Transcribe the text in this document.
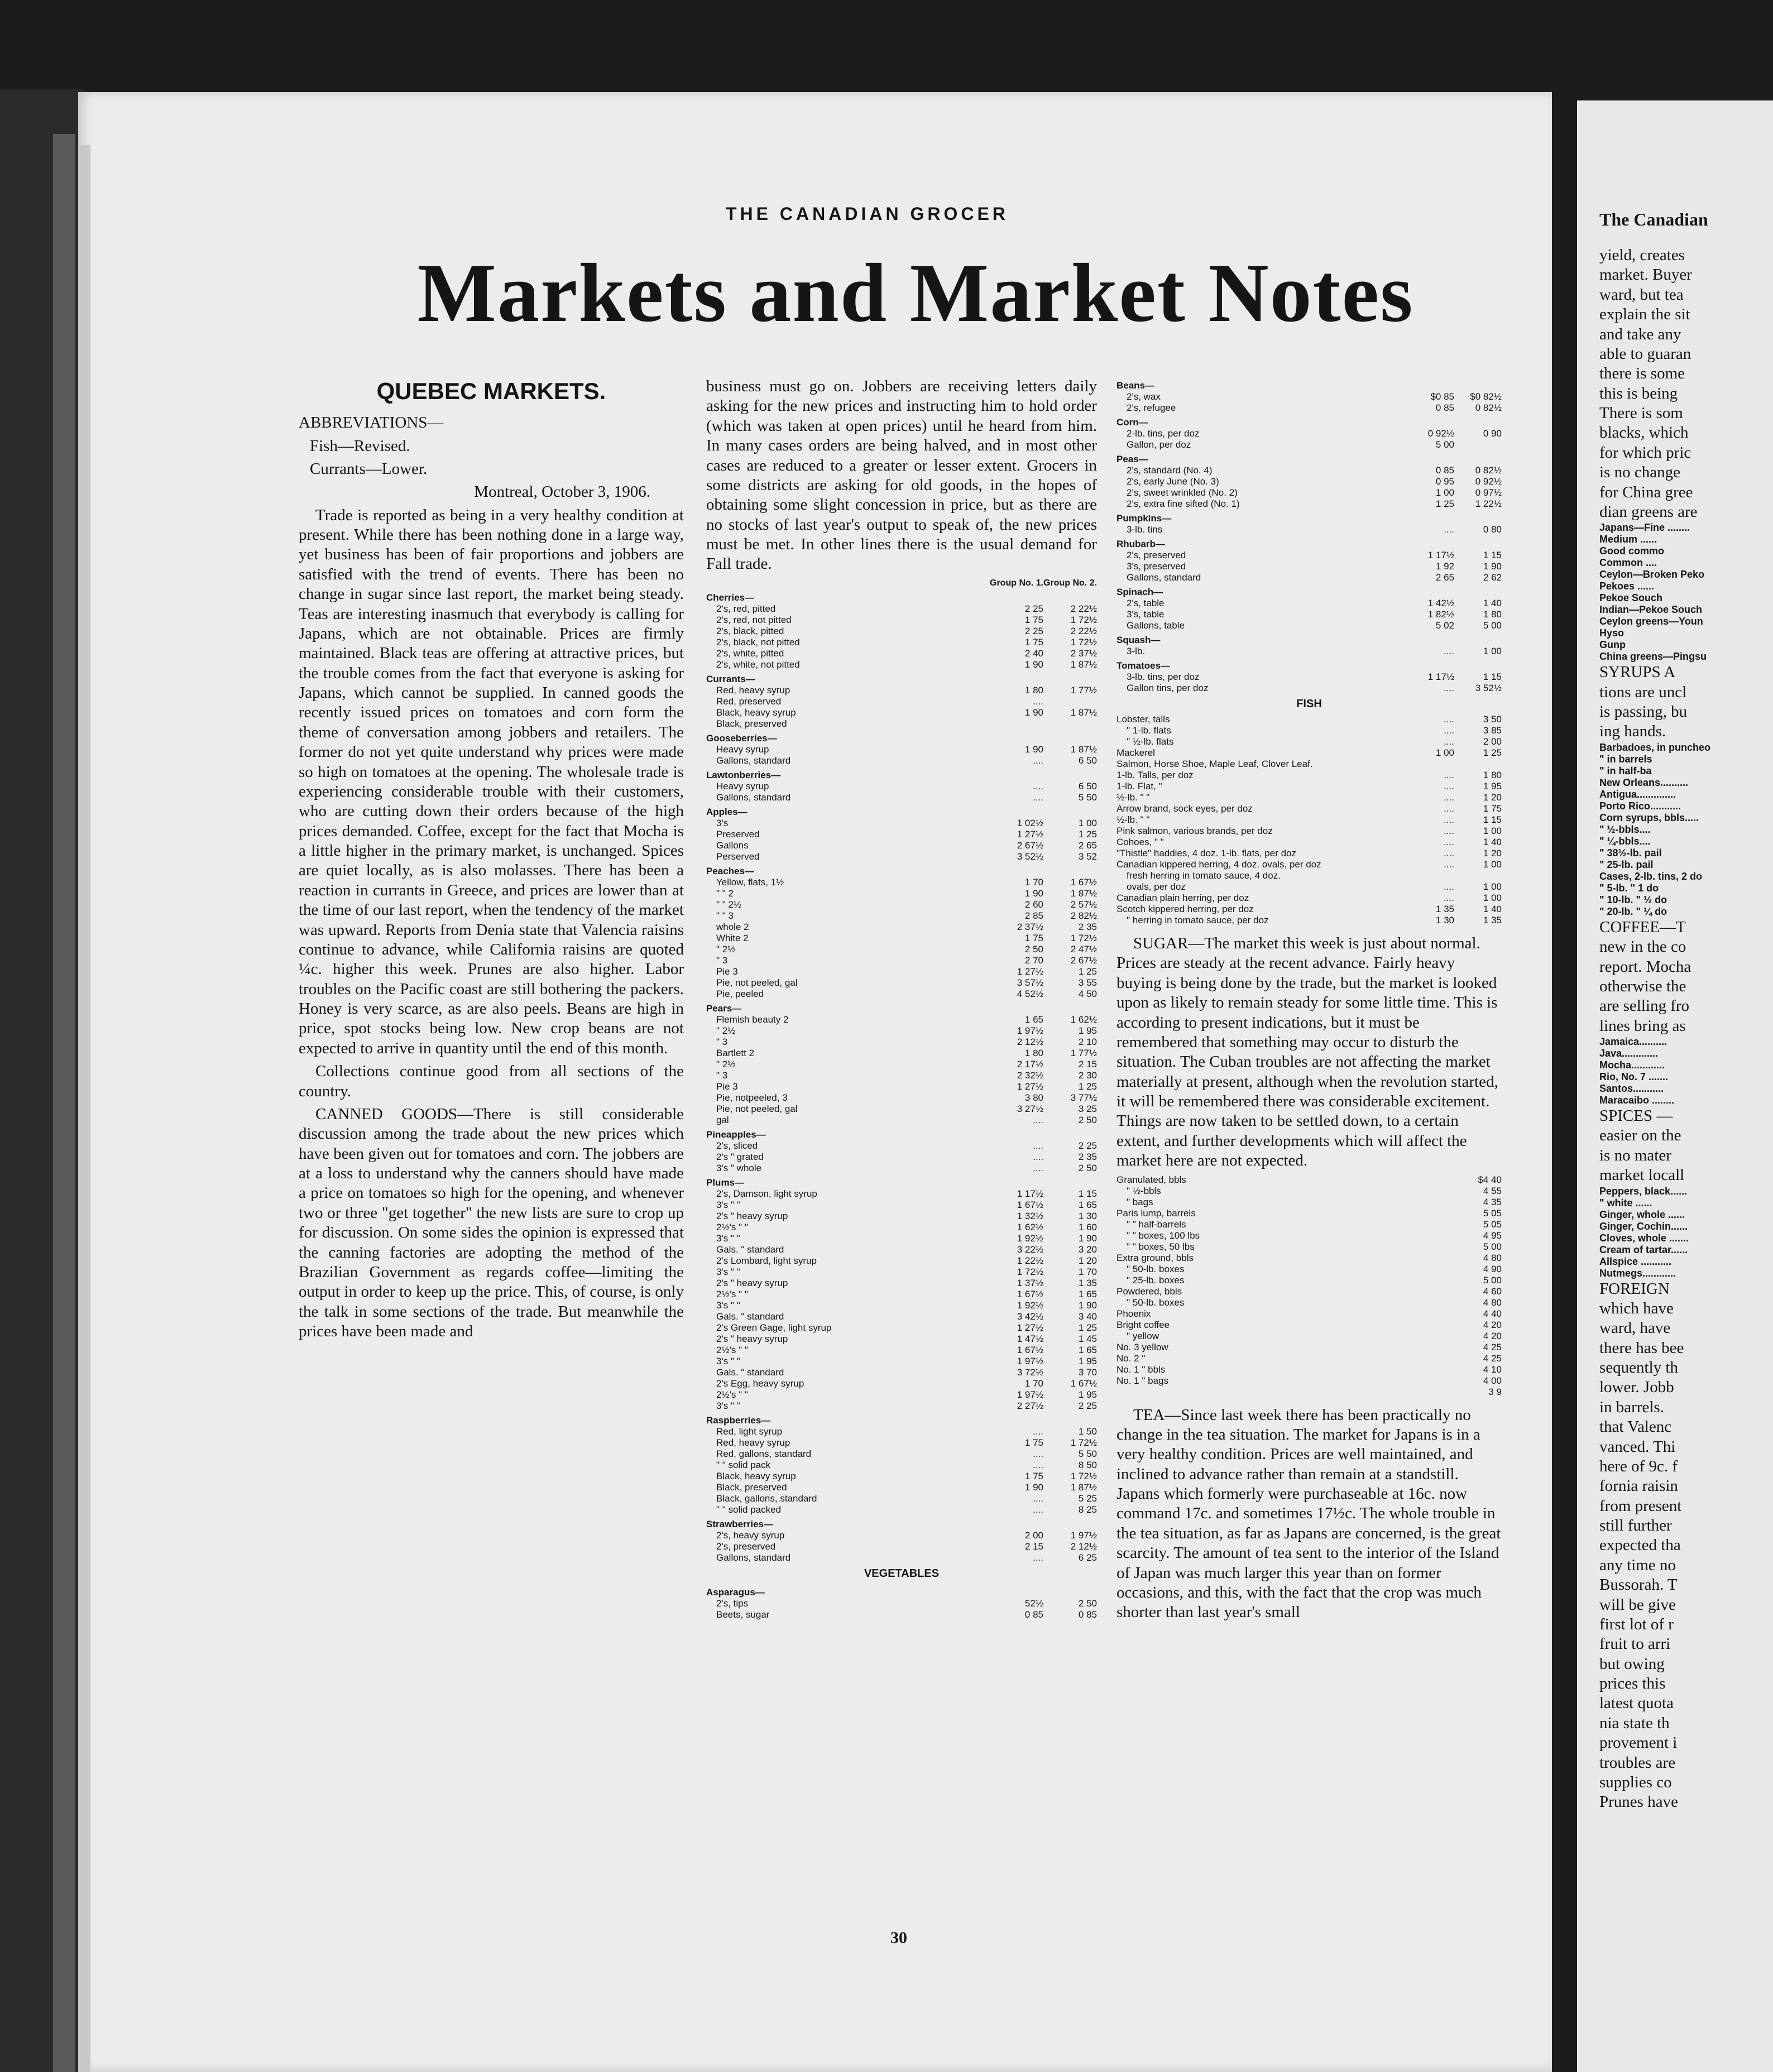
THE CANADIAN GROCER
Markets and Market Notes
QUEBEC MARKETS.

ABBREVIATIONS—

Fish—Revised.

Currants—Lower.

Montreal, October 3, 1906.

Trade is reported as being in a very healthy condition at present. While there has been nothing done in a large way, yet business has been of fair proportions and jobbers are satisfied with the trend of events. There has been no change in sugar since last report, the market being steady. Teas are interesting inasmuch that everybody is calling for Japans, which are not obtainable. Prices are firmly maintained. Black teas are offering at attractive prices, but the trouble comes from the fact that everyone is asking for Japans, which cannot be supplied. In canned goods the recently issued prices on tomatoes and corn form the theme of conversation among jobbers and retailers. The former do not yet quite understand why prices were made so high on tomatoes at the opening. The wholesale trade is experiencing considerable trouble with their customers, who are cutting down their orders because of the high prices demanded. Coffee, except for the fact that Mocha is a little higher in the primary market, is unchanged. Spices are quiet locally, as is also molasses. There has been a reaction in currants in Greece, and prices are lower than at the time of our last report, when the tendency of the market was upward. Reports from Denia state that Valencia raisins continue to advance, while California raisins are quoted ¼c. higher this week. Prunes are also higher. Labor troubles on the Pacific coast are still bothering the packers. Honey is very scarce, as are also peels. Beans are high in price, spot stocks being low. New crop beans are not expected to arrive in quantity until the end of this month.

Collections continue good from all sections of the country.

CANNED GOODS—There is still considerable discussion among the trade about the new prices which have been given out for tomatoes and corn. The jobbers are at a loss to understand why the canners should have made a price on tomatoes so high for the opening, and whenever two or three "get together" the new lists are sure to crop up for discussion. On some sides the opinion is expressed that the canning factories are adopting the method of the Brazilian Government as regards coffee—limiting the output in order to keep up the price. This, of course, is only the talk in some sections of the trade. But meanwhile the prices have been made and

business must go on. Jobbers are receiving letters daily asking for the new prices and instructing him to hold order (which was taken at open prices) until he heard from him. In many cases orders are being halved, and in most other cases are reduced to a greater or lesser extent. Grocers in some districts are asking for old goods, in the hopes of obtaining some slight concession in price, but as there are no stocks of last year's output to speak of, the new prices must be met. In other lines there is the usual demand for Fall trade.

	Group No. 1.	Group No. 2.
Cherries—		
2's, red, pitted	2 25	2 22½
2's, red, not pitted	1 75	1 72½
2's, black, pitted	2 25	2 22½
2's, black, not pitted	1 75	1 72½
2's, white, pitted	2 40	2 37½
2's, white, not pitted	1 90	1 87½
Currants—		
Red, heavy syrup	1 80	1 77½
Red, preserved	....	
Black, heavy syrup	1 90	1 87½
Black, preserved		
Gooseberries—		
Heavy syrup	1 90	1 87½
Gallons, standard	....	6 50
Lawtonberries—		
Heavy syrup	....	6 50
Gallons, standard	....	5 50
Apples—		
3's	1 02½	1 00
Preserved	1 27½	1 25
Gallons	2 67½	2 65
Perserved	3 52½	3 52
Peaches—		
Yellow, flats, 1½	1 70	1 67½
" " 2	1 90	1 87½
" " 2½	2 60	2 57½
" " 3	2 85	2 82½
whole 2	2 37½	2 35
White 2	1 75	1 72½
" 2½	2 50	2 47½
" 3	2 70	2 67½
Pie 3	1 27½	1 25
Pie, not peeled, gal	3 57½	3 55
Pie, peeled	4 52½	4 50
Pears—		
Flemish beauty 2	1 65	1 62½
" 2½	1 97½	1 95
" 3	2 12½	2 10
Bartlett 2	1 80	1 77½
" 2½	2 17½	2 15
" 3	2 32½	2 30
Pie 3	1 27½	1 25
Pie, notpeeled, 3	3 80	3 77½
Pie, not peeled, gal	3 27½	3 25
gal	....	2 50
Pineapples—		
2's, sliced	....	2 25
2's " grated	....	2 35
3's " whole	....	2 50
Plums—		
2's, Damson, light syrup	1 17½	1 15
3's " "	1 67½	1 65
2's " heavy syrup	1 32½	1 30
2½'s " "	1 62½	1 60
3's " "	1 92½	1 90
Gals. " standard	3 22½	3 20
2's Lombard, light syrup	1 22½	1 20
3's " "	1 72½	1 70
2's " heavy syrup	1 37½	1 35
2½'s " "	1 67½	1 65
3's " "	1 92½	1 90
Gals. " standard	3 42½	3 40
2's Green Gage, light syrup	1 27½	1 25
2's " heavy syrup	1 47½	1 45
2½'s " "	1 67½	1 65
3's " "	1 97½	1 95
Gals. " standard	3 72½	3 70
2's Egg, heavy syrup	1 70	1 67½
2½'s " "	1 97½	1 95
3's " "	2 27½	2 25
Raspberries—		
Red, light syrup	....	1 50
Red, heavy syrup	1 75	1 72½
Red, gallons, standard	....	5 50
" " solid pack	....	8 50
Black, heavy syrup	1 75	1 72½
Black, preserved	1 90	1 87½
Black, gallons, standard	....	5 25
" " solid packed	....	8 25
Strawberries—		
2's, heavy syrup	2 00	1 97½
2's, preserved	2 15	2 12½
Gallons, standard	....	6 25
VEGETABLES		
Asparagus—		
2's, tips	52½	2 50
Beets, sugar	0 85	0 85
Beans—		
2's, wax	$0 85	$0 82½
2's, refugee	0 85	0 82½
Corn—		
2-lb. tins, per doz	0 92½	0 90
Gallon, per doz	5 00	
Peas—		
2's, standard (No. 4)	0 85	0 82½
2's, early June (No. 3)	0 95	0 92½
2's, sweet wrinkled (No. 2)	1 00	0 97½
2's, extra fine sifted (No. 1)	1 25	1 22½
Pumpkins—		
3-lb. tins	....	0 80
Rhubarb—		
2's, preserved	1 17½	1 15
3's, preserved	1 92	1 90
Gallons, standard	2 65	2 62
Spinach—		
2's, table	1 42½	1 40
3's, table	1 82½	1 80
Gallons, table	5 02	5 00
Squash—		
3-lb.	....	1 00
Tomatoes—		
3-lb. tins, per doz	1 17½	1 15
Gallon tins, per doz	....	3 52½
FISH		
Lobster, talls	....	3 50
" 1-lb. flats	....	3 85
" ½-lb. flats	....	2 00
Mackerel	1 00	1 25
Salmon, Horse Shoe, Maple Leaf, Clover Leaf.		
1-lb. Talls, per doz	....	1 80
1-lb. Flat, "	....	1 95
½-lb. " "	....	1 20
Arrow brand, sock eyes, per doz	....	1 75
½-lb. " "	....	1 15
Pink salmon, various brands, per doz	....	1 00
Cohoes, " "	....	1 40
"Thistle" haddies, 4 doz. 1-lb. flats, per doz	....	1 20
Canadian kippered herring, 4 doz. ovals, per doz	....	1 00
fresh herring in tomato sauce, 4 doz.		
ovals, per doz	....	1 00
Canadian plain herring, per doz	....	1 00
Scotch kippered herring, per doz	1 35	1 40
" herring in tomato sauce, per doz	1 30	1 35

SUGAR—The market this week is just about normal. Prices are steady at the recent advance. Fairly heavy buying is being done by the trade, but the market is looked upon as likely to remain steady for some little time. This is according to present indications, but it must be remembered that something may occur to disturb the situation. The Cuban troubles are not affecting the market materially at present, although when the revolution started, it will be remembered there was considerable excitement. Things are now taken to be settled down, to a certain extent, and further developments which will affect the market here are not expected.

Granulated, bbls		$4 40
" ½-bbls		4 55
" bags		4 35
Paris lump, barrels		5 05
" " half-barrels		5 05
" " boxes, 100 lbs		4 95
" " boxes, 50 lbs		5 00
Extra ground, bbls		4 80
" 50-lb. boxes		4 90
" 25-lb. boxes		5 00
Powdered, bbls		4 60
" 50-lb. boxes		4 80
Phoenix		4 40
Bright coffee		4 20
" yellow		4 20
No. 3 yellow		4 25
No. 2 "		4 25
No. 1 " bbls		4 10
No. 1 " bags		4 00
		3 9

TEA—Since last week there has been practically no change in the tea situation. The market for Japans is in a very healthy condition. Prices are well maintained, and inclined to advance rather than remain at a standstill. Japans which formerly were purchaseable at 16c. now command 17c. and sometimes 17½c. The whole trouble in the tea situation, as far as Japans are concerned, is the great scarcity. The amount of tea sent to the interior of the Island of Japan was much larger this year than on former occasions, and this, with the fact that the crop was much shorter than last year's small

30
The Canadian
yield, creates
market. Buyer
ward, but tea
explain the sit
and take any
able to guaran
there is some
this is being
There is som
blacks, which
for which pric
is no change
for China gree
dian greens are
Japans—Fine ........
Medium ......
Good commo
Common ....
Ceylon—Broken Peko
Pekoes ......
Pekoe Souch
Indian—Pekoe Souch
Ceylon greens—Youn
Hyso
Gunp
China greens—Pingsu
SYRUPS A
tions are uncl
is passing, bu
ing hands.
Barbadoes, in puncheo
" in barrels
" in half-ba
New Orleans..........
Antigua..............
Porto Rico...........
Corn syrups, bbls.....
" ½-bbls....
" ¼-bbls....
" 38½-lb. pail
" 25-lb. pail
Cases, 2-lb. tins, 2 do
" 5-lb. " 1 do
" 10-lb. " ½ do
" 20-lb. " ¼ do
COFFEE—T
new in the co
report. Mocha
otherwise the
are selling fro
lines bring as
Jamaica..........
Java.............
Mocha............
Rio, No. 7 .......
Santos...........
Maracaibo ........
SPICES —
easier on the
is no mater
market locall
Peppers, black......
" white ......
Ginger, whole ......
Ginger, Cochin......
Cloves, whole .......
Cream of tartar......
Allspice ...........
Nutmegs............
FOREIGN
which have
ward, have
there has bee
sequently th
lower. Jobb
in barrels.
that Valenc
vanced. Thi
here of 9c. f
fornia raisin
from present
still further
expected tha
any time no
Bussorah. T
will be give
first lot of r
fruit to arri
but owing
prices this
latest quota
nia state th
provement i
troubles are
supplies co
Prunes have
